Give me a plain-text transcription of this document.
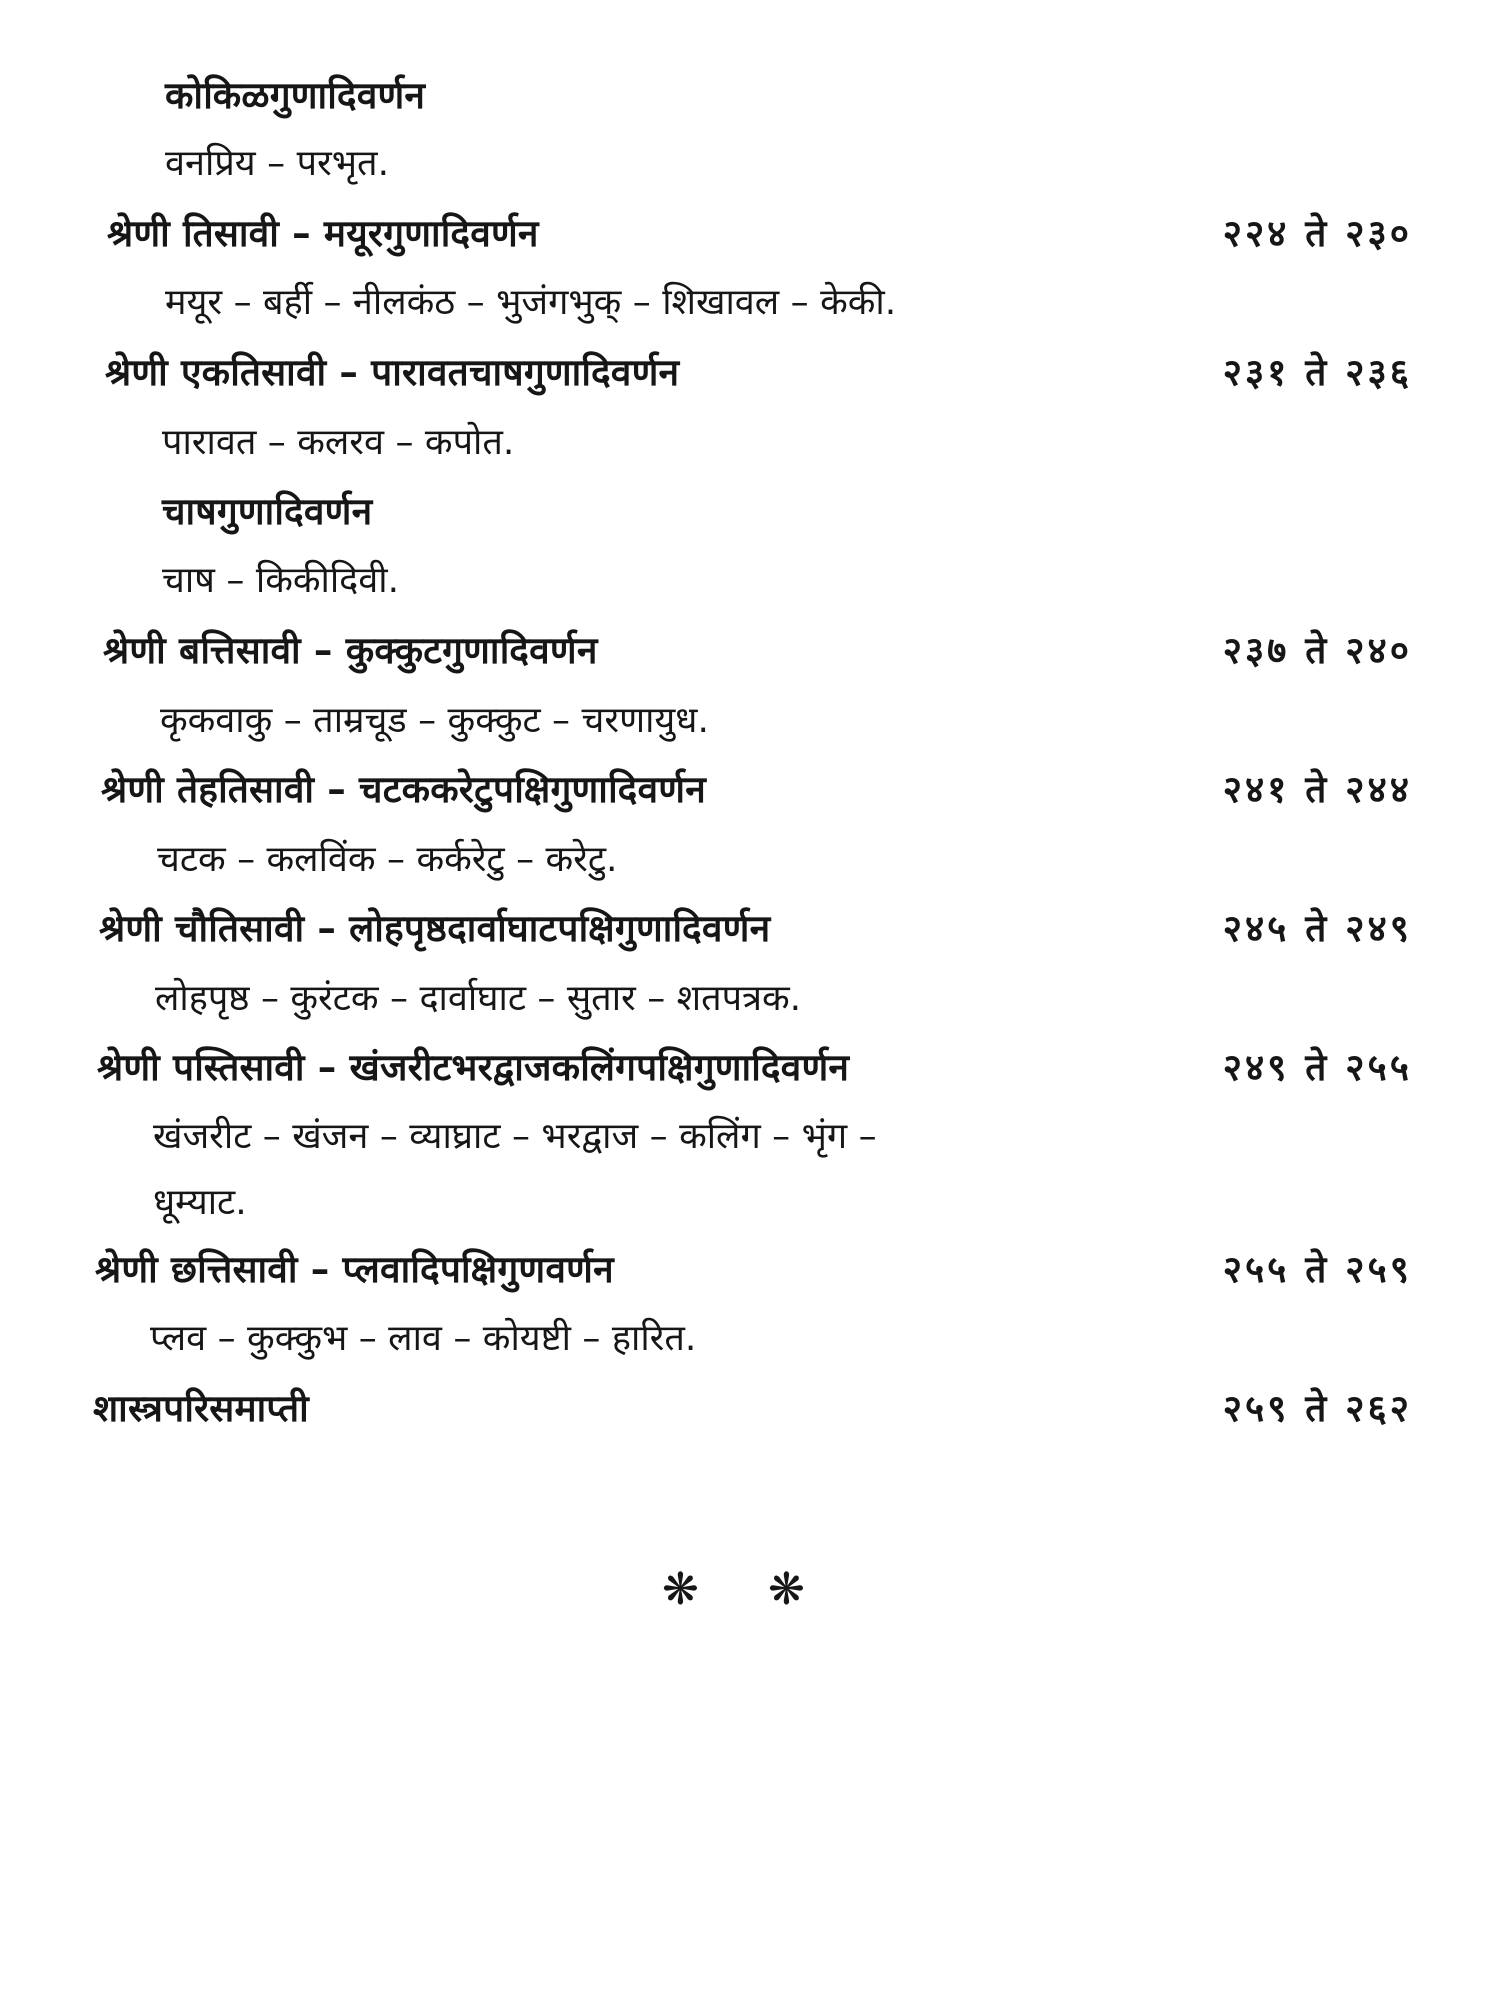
कोकिळगुणादिवर्णन
वनप्रिय – परभृत.
श्रेणी तिसावी – मयूरगुणादिवर्णन	२२४ ते २३०
मयूर – बर्ही – नीलकंठ – भुजंगभुक् – शिखावल – केकी.
श्रेणी एकतिसावी – पारावतचाषगुणादिवर्णन	२३१ ते २३६
पारावत – कलरव – कपोत.
चाषगुणादिवर्णन
चाष – किकीदिवी.
श्रेणी बत्तिसावी – कुक्कुटगुणादिवर्णन	२३७ ते २४०
कृकवाकु – ताम्रचूड – कुक्कुट – चरणायुध.
श्रेणी तेहतिसावी – चटककरेटुपक्षिगुणादिवर्णन	२४१ ते २४४
चटक – कलविंक – कर्करेटु – करेटु.
श्रेणी चौतिसावी – लोहपृष्ठदार्वाघाटपक्षिगुणादिवर्णन	२४५ ते २४९
लोहपृष्ठ – कुरंटक – दार्वाघाट – सुतार – शतपत्रक.
श्रेणी पस्तिसावी – खंजरीटभरद्वाजकलिंगपक्षिगुणादिवर्णन	२४९ ते २५५
खंजरीट – खंजन – व्याघ्राट – भरद्वाज – कलिंग – भृंग –
धूम्याट.
श्रेणी छत्तिसावी – प्लवादिपक्षिगुणवर्णन	२५५ ते २५९
प्लव – कुक्कुभ – लाव – कोयष्टी – हारित.
शास्त्रपरिसमाप्ती	२५९ ते २६२
❋ ❋
